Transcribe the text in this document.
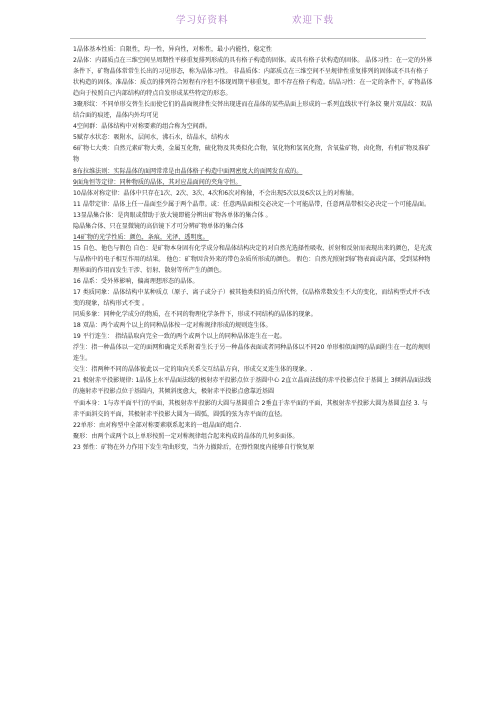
学习好资料	欢迎下载

1晶体基本性质：自限性，均一性，异向性，对称性，最小内能性，稳定性

2晶体：内部质点在三维空间呈周期性平移重复排列形成的具有格子构造的固体。或具有格子状构造的固体。 晶体习性：在一定的外界条件下，矿物晶体常常生长出的习见形态，称为晶体习性。 非晶质体：内部质点在三维空间不呈规律性重复排列的固体或不具有格子状构造的固体。准晶体：质点的排列符合短程有序但不体现周期平移重复，即不存在格子构造。结晶习性：在一定的条件下，矿物晶体趋向于按照自己内部结构的特点自发形成某些特定的形态。

3聚形纹：不同单形交替生长而使它们的晶面规律性交替出现进而在晶体的某些晶面上形成的一系列直线状平行条纹 聚片双晶纹：双晶结合面的痕迹，晶体内外均可见

4空间群：晶体结构中对称要素的组合称为空间群。

5赋存水状态：吸附水，层间水，沸石水，结晶水，结构水

6矿物七大类：自然元素矿物大类，金属互化物，硫化物及其类似化合物，氧化物和氢氧化物，含氧盐矿物，卤化物，有机矿物及准矿物

8布拉维法则：实际晶体的面网常常是由晶体格子构造中面网密度大的面网发育成的。

9面角恒等定律：同种物质的晶体，其对应晶面间的夹角守恒。

10晶体对称定律：晶体中只存在1次、2次、3次、4次和6次对称轴，不会出现5次以及6次以上的对称轴。

11 晶带定律：晶体上任一晶面至少属于两个晶带。或：任意两晶面相交必决定一个可能晶带，任意两晶带相交必决定一个可能晶面。

13显晶集合体：是肉眼或借助于放大镜即能分辨出矿物各单体的集合体 。

隐晶集合体、只在显微镜的高倍镜下才可分辨矿物单体的集合体

14矿物的光学性质：颜色，条痕，光泽，透明度。

15 自色、他色与假色 自色：是矿物本身固有化学成分和晶体结构决定的对自然光选择性吸收、折射和反射而表现出来的颜色，是光波与晶格中的电子相互作用的结果。 他色：矿物因含外来的带色杂质所形成的颜色。 假色：自然光照射到矿物表面或内部，受到某种物理界面的作用而发生干涉、衍射、散射等所产生的颜色。

16 晶系：受外界影响，偏离理想形态的晶体。

17 类质同象：晶体结构中某种质点（原子、离子或分子）被其他类似的质点所代替，仅晶格常数发生不大的变化，而结构型式并不改变的现象，结构形式不变 。

同质多象：同种化学成分的物质，在不同的物理化学条件下，形成不同结构的晶体的现象。

18 双晶：两个或两个以上的同种晶体按一定对称规律形成的规则连生体。

19 平行连生： 指结晶取向完全一致的两个或两个以上的同种晶体连生在一起。

浮生：指一种晶体以一定的面网和确定关系附着生长于另一种晶体表面或者同种晶体以不同20 单形相似面网的晶面附生在一起的规则连生。

交生：指两种不同的晶体彼此以一定的取向关系交互结晶方向，形成交叉连生体的现象。.

21 极射赤平投影规律: 1晶体上水平晶面法线的极射赤平投影点位于基圆中心 2直立晶面法线的赤平投影点位于基圆上 3倾斜晶面法线的施射赤平投影点位于基圆内，其倾斜度愈大，极射赤平投影点愈靠近基圆

平面本身：1与赤平面平行的平面，其极射赤平投影的大圆与基圆重合 2垂直于赤平面的平面，其极射赤平投影大圆为基圆直径 3. 与赤平面斜交的平面，其极射赤平投影大圆为一圆弧，圆弧的弦为赤平面的直径。

22单形：由对称型中全部对称要素联系起来的一组晶面的组合.

聚形：由两个或两个以上单形按照一定对称规律组合起来构成的晶体的几何多面体。

23 弹性：矿物在外力作用下发生弯曲形变，当外力撤除后，在弹性限度内能够自行恢复原
